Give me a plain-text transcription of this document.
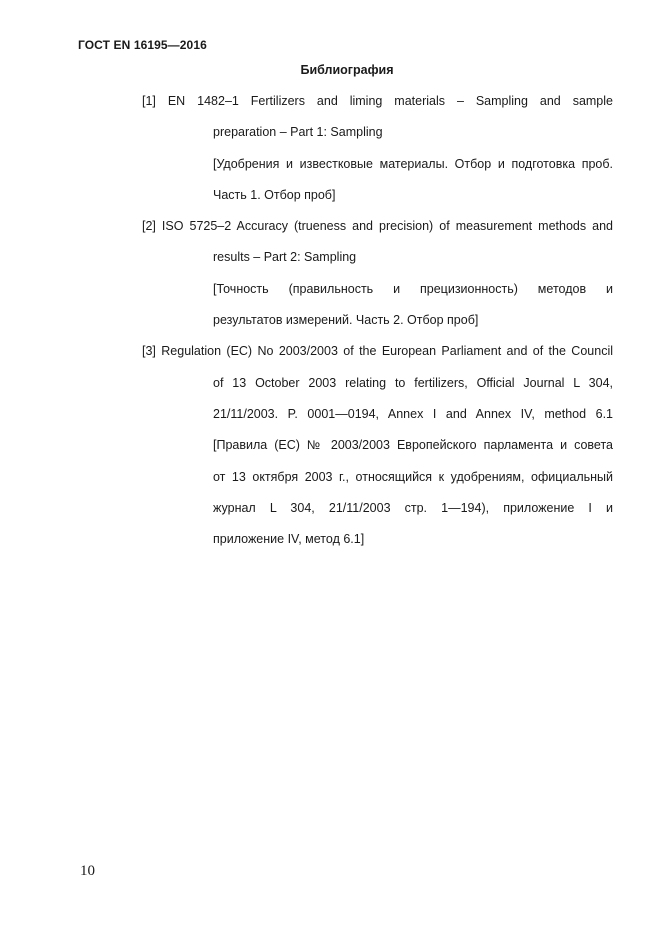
ГОСТ EN 16195—2016
Библиография
[1] EN 1482–1 Fertilizers and liming materials – Sampling and sample
preparation – Part 1: Sampling
[Удобрения и известковые материалы. Отбор и подготовка проб.
Часть 1. Отбор проб]
[2] ISO 5725–2 Accuracy (trueness and precision) of measurement methods and
results – Part 2: Sampling
[Точность (правильность и прецизионность) методов и
результатов измерений. Часть 2. Отбор проб]
[3] Regulation (EC) No 2003/2003 of the European Parliament and of the Council
of 13 October 2003 relating to fertilizers, Official Journal L 304,
21/11/2003. P. 0001—0194, Annex I and Annex IV, method 6.1
[Правила (ЕС) № 2003/2003 Европейского парламента и совета
от 13 октября 2003 г., относящийся к удобрениям, официальный
журнал L 304, 21/11/2003 стр. 1—194), приложение I и
приложение IV, метод 6.1]
10
